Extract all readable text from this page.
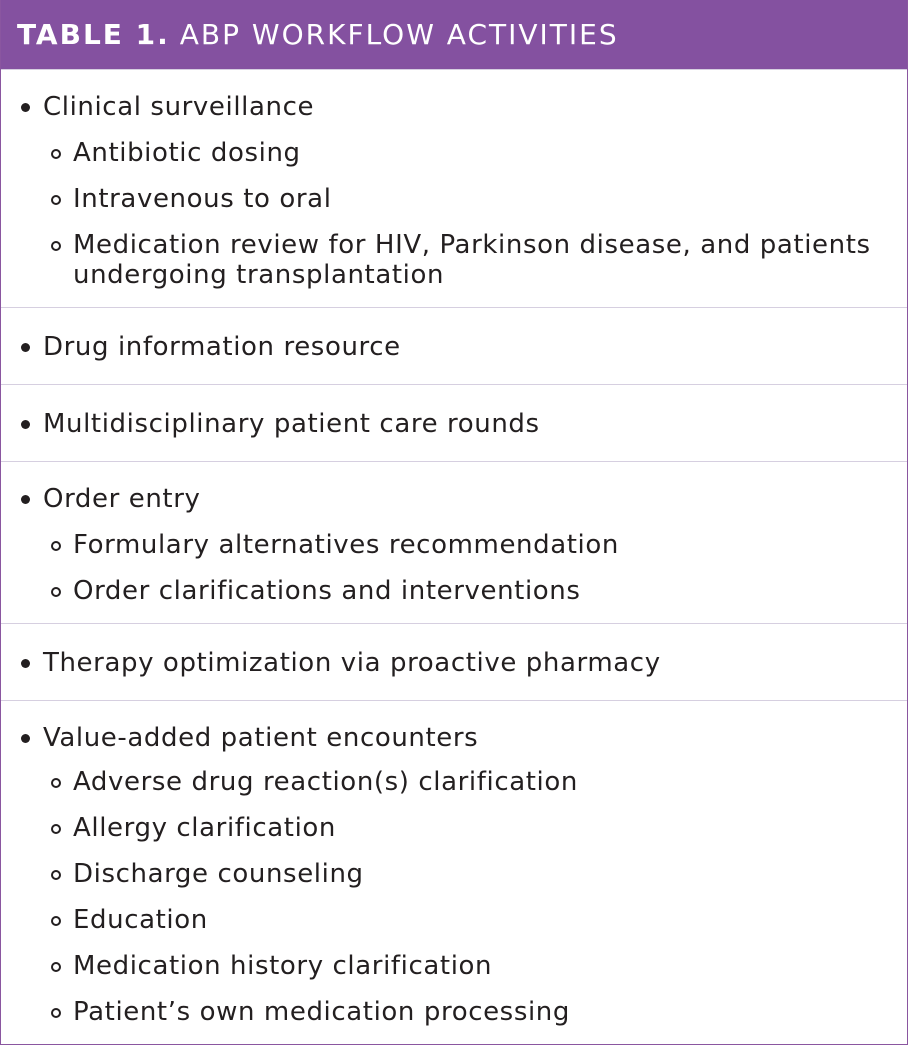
TABLE 1. ABP WORKFLOW ACTIVITIES
Clinical surveillance
Antibiotic dosing
Intravenous to oral
Medication review for HIV, Parkinson disease, and patients undergoing transplantation
Drug information resource
Multidisciplinary patient care rounds
Order entry
Formulary alternatives recommendation
Order clarifications and interventions
Therapy optimization via proactive pharmacy
Value-added patient encounters
Adverse drug reaction(s) clarification
Allergy clarification
Discharge counseling
Education
Medication history clarification
Patient’s own medication processing
